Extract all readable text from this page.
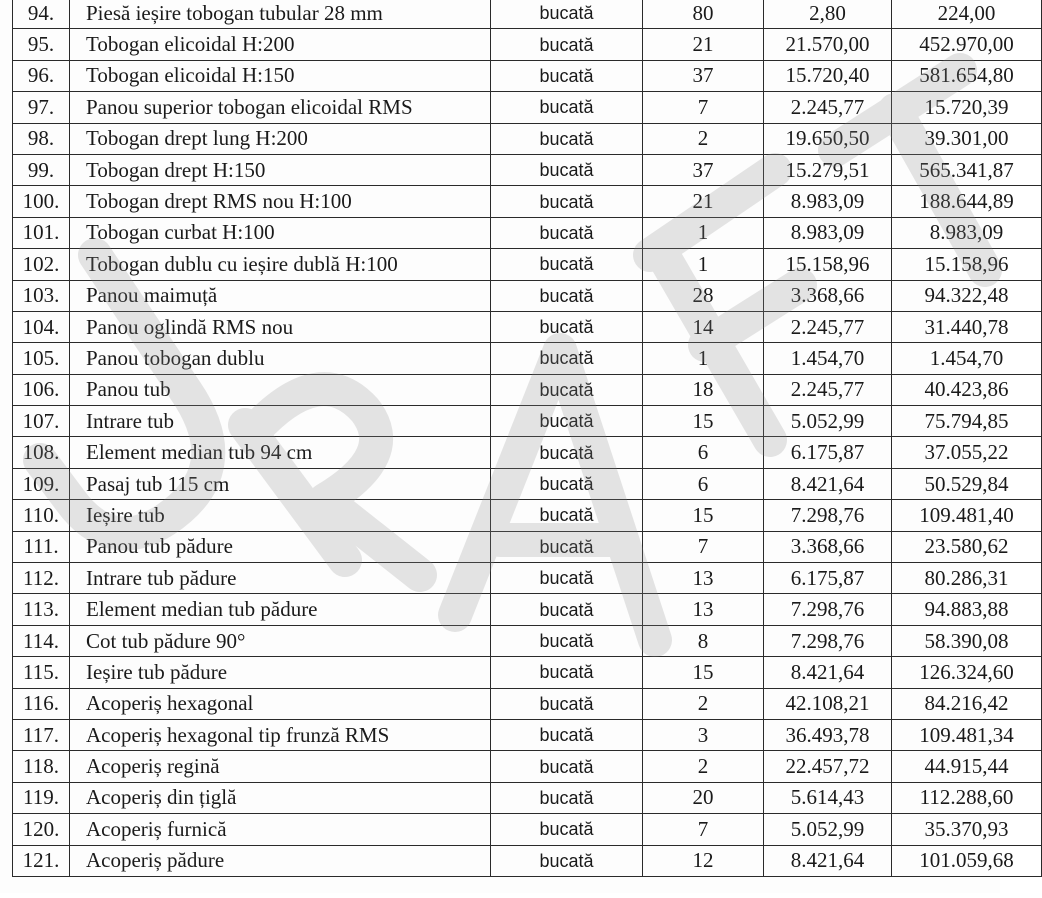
94.	Piesă ieșire tobogan tubular 28 mm	bucată	80	2,80	224,00
95.	Tobogan elicoidal H:200	bucată	21	21.570,00	452.970,00
96.	Tobogan elicoidal H:150	bucată	37	15.720,40	581.654,80
97.	Panou superior tobogan elicoidal RMS	bucată	7	2.245,77	15.720,39
98.	Tobogan drept lung H:200	bucată	2	19.650,50	39.301,00
99.	Tobogan drept H:150	bucată	37	15.279,51	565.341,87
100.	Tobogan drept RMS nou H:100	bucată	21	8.983,09	188.644,89
101.	Tobogan curbat H:100	bucată	1	8.983,09	8.983,09
102.	Tobogan dublu cu ieșire dublă H:100	bucată	1	15.158,96	15.158,96
103.	Panou maimuță	bucată	28	3.368,66	94.322,48
104.	Panou oglindă RMS nou	bucată	14	2.245,77	31.440,78
105.	Panou tobogan dublu	bucată	1	1.454,70	1.454,70
106.	Panou tub	bucată	18	2.245,77	40.423,86
107.	Intrare tub	bucată	15	5.052,99	75.794,85
108.	Element median tub 94 cm	bucată	6	6.175,87	37.055,22
109.	Pasaj tub 115 cm	bucată	6	8.421,64	50.529,84
110.	Ieșire tub	bucată	15	7.298,76	109.481,40
111.	Panou tub pădure	bucată	7	3.368,66	23.580,62
112.	Intrare tub pădure	bucată	13	6.175,87	80.286,31
113.	Element median tub pădure	bucată	13	7.298,76	94.883,88
114.	Cot tub pădure 90°	bucată	8	7.298,76	58.390,08
115.	Ieșire tub pădure	bucată	15	8.421,64	126.324,60
116.	Acoperiș hexagonal	bucată	2	42.108,21	84.216,42
117.	Acoperiș hexagonal tip frunză RMS	bucată	3	36.493,78	109.481,34
118.	Acoperiș regină	bucată	2	22.457,72	44.915,44
119.	Acoperiș din țiglă	bucată	20	5.614,43	112.288,60
120.	Acoperiș furnică	bucată	7	5.052,99	35.370,93
121.	Acoperiș pădure	bucată	12	8.421,64	101.059,68
